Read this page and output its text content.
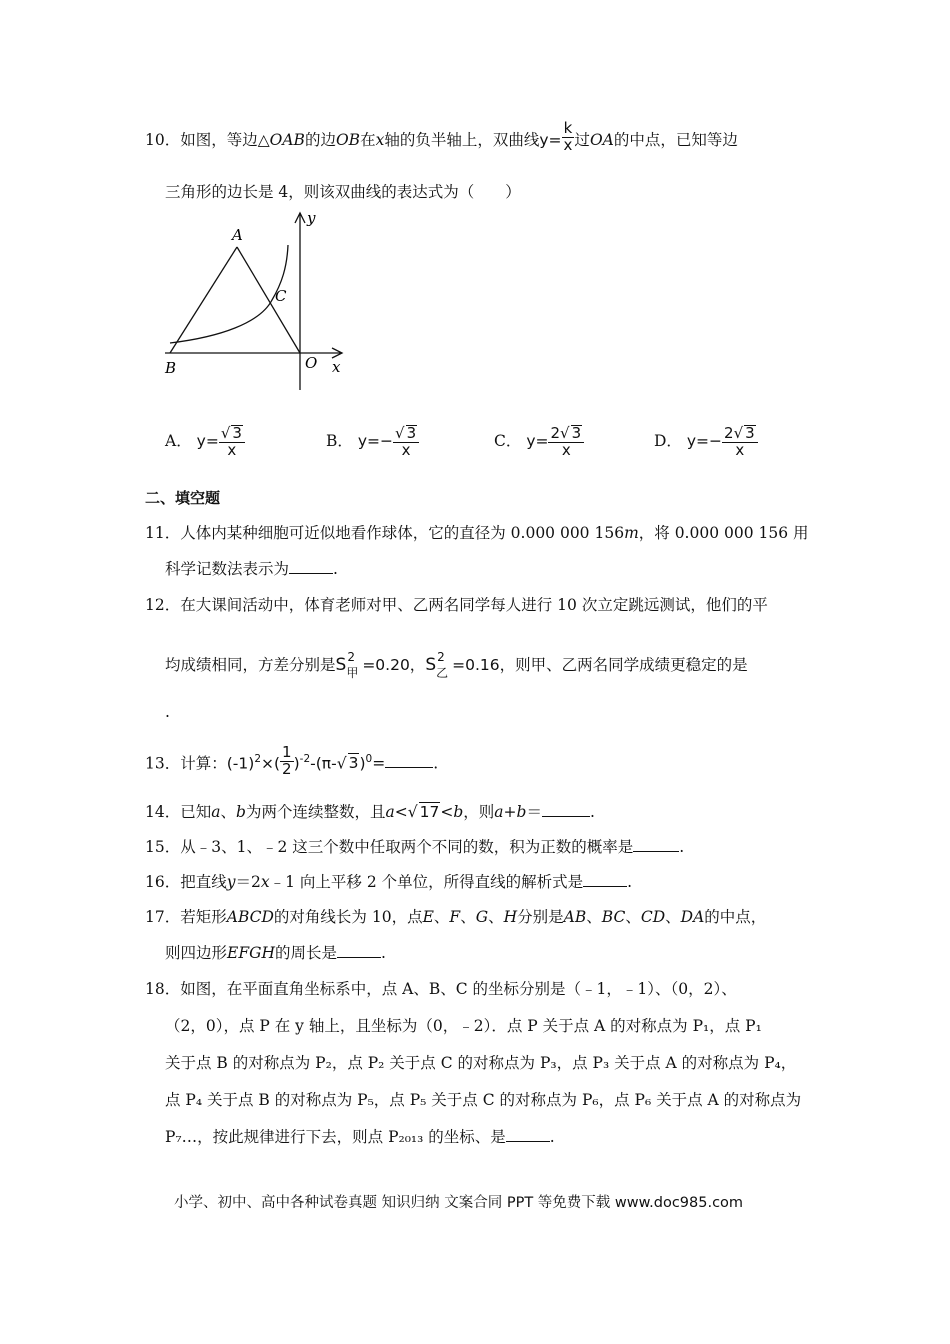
10．如图，等边△OAB的边OB在x轴的负半轴上，双曲线$y= \frac{k}{x}$ 过OA的中点，已知等边
三角形的边长是 4，则该双曲线的表达式为（　　）
A
C
B	O x
y
A． $y= \frac{√ 3}{x}$	B． $y=- \frac{√ 3}{x}$	C． $y= \frac{2√ 3}{x}$	D． $y=- \frac{2√ 3}{x}$
二、填空题
11．人体内某种细胞可近似地看作球体，它的直径为 0.000 000 156m，将 0.000 000 156 用
科学记数法表示为	.
12．在大课间活动中，体育老师对甲、乙两名同学每人进行 10 次立定跳远测试，他们的平
均成绩相同，方差分别是S 2
甲 =0.20，S 2
乙 =0.16，则甲、乙两名同学成绩更稳定的是
.
13．计算：$(-1)^2\times( \frac{1}{2} )^{-2}-(\pi-√$ 3)$^0$=	.
14．已知a、b为两个连续整数，且a<√ 17<b，则a+b＝	.
15．从﹣3、1、﹣2 这三个数中任取两个不同的数，积为正数的概率是	.
16．把直线y＝2x﹣1 向上平移 2 个单位，所得直线的解析式是	.
17．若矩形ABCD的对角线长为 10，点E、F、G、H分别是AB、BC、CD、DA的中点，
则四边形EFGH的周长是	.
18．如图，在平面直角坐标系中，点 A、B、C 的坐标分别是（﹣1，﹣1）、（0，2）、
（2，0），点 P 在 y 轴上，且坐标为（0，﹣2）．点 P 关于点 A 的对称点为 P₁，点 P₁
关于点 B 的对称点为 P₂，点 P₂ 关于点 C 的对称点为 P₃，点 P₃ 关于点 A 的对称点为 P₄，
点 P₄ 关于点 B 的对称点为 P₅，点 P₅ 关于点 C 的对称点为 P₆，点 P₆ 关于点 A 的对称点为
P₇…，按此规律进行下去，则点 P₂₀₁₃ 的坐标、是	.
小学、初中、高中各种试卷真题 知识归纳 文案合同 PPT 等免费下载 www.doc985.com
